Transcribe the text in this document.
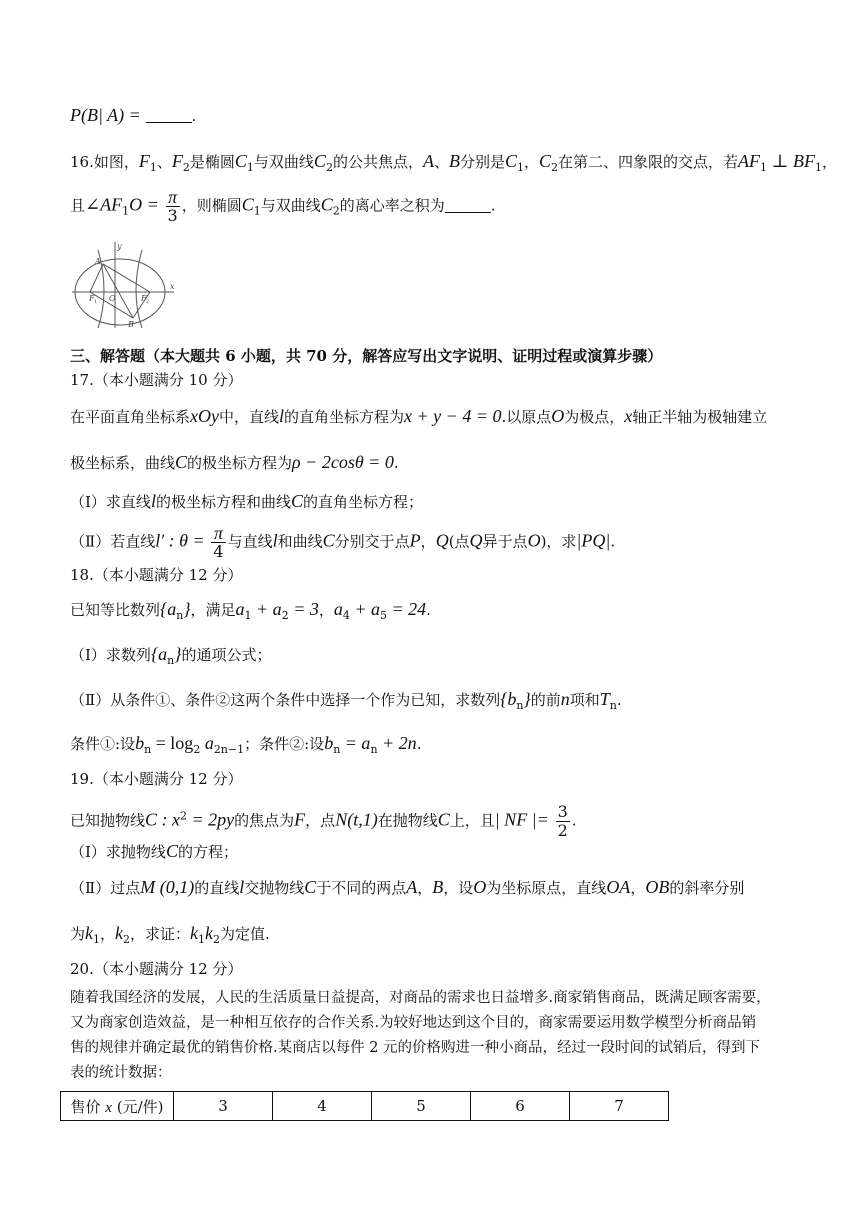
P(B| A) =	.
16.如图，$F_1$、$F_2$是椭圆$C_1$与双曲线$C_2$的公共焦点，A、B分别是$C_1$，$C_2$在第二、四象限的交点，若$AF_1$ ⊥ $BF_1$，
且$\angle AF_1O = \frac{\pi}{3}$ ，则椭圆$C_1$与双曲线$C_2$的离心率之积为	.
y
x
A
B
O
F 1	F 2
三、解答题（本大题共 6 小题，共 70 分，解答应写出文字说明、证明过程或演算步骤）
17.（本小题满分 10 分）
在平面直角坐标系xOy中，直线l的直角坐标方程为x + y − 4 = 0.以原点O为极点，x轴正半轴为极轴建立
极坐标系，曲线C的极坐标方程为ρ − 2cosθ = 0.
（Ⅰ）求直线l的极坐标方程和曲线C的直角坐标方程；
（Ⅱ）若直线l′ : $\theta = \frac{\pi}{4}$ 与直线l和曲线C分别交于点P，Q(点Q异于点O)，求|PQ|.
18.（本小题满分 12 分）
已知等比数列$\{a_n\}$，满足$a_1 + a_2 = 3$，$a_4 + a_5 = 24$.
（Ⅰ）求数列$\{a_n\}$的通项公式；
（Ⅱ）从条件①、条件②这两个条件中选择一个作为已知，求数列$\{b_n\}$的前n项和$T_n$.
条件①:设$b_n = \log_2 a_{2n-1}$；条件②:设$b_n = a_n + 2n$.
19.（本小题满分 12 分）
已知抛物线C : $x^2 = 2py$的焦点为F，点N(t,1)在抛物线C上，且| NF |= $\frac{3}{2}$ .
（Ⅰ）求抛物线C的方程；
（Ⅱ）过点M (0,1)的直线l交抛物线C于不同的两点A，B，设O为坐标原点，直线OA，OB的斜率分别
为$k_1$，$k_2$，求证：$k_1k_2$为定值.
20.（本小题满分 12 分）
随着我国经济的发展，人民的生活质量日益提高，对商品的需求也日益增多.商家销售商品，既满足顾客需要，
又为商家创造效益，是一种相互依存的合作关系.为较好地达到这个目的，商家需要运用数学模型分析商品销
售的规律并确定最优的销售价格.某商店以每件 2 元的价格购进一种小商品，经过一段时间的试销后，得到下
表的统计数据：
售价 x (元/件)	3	4	5	6	7
